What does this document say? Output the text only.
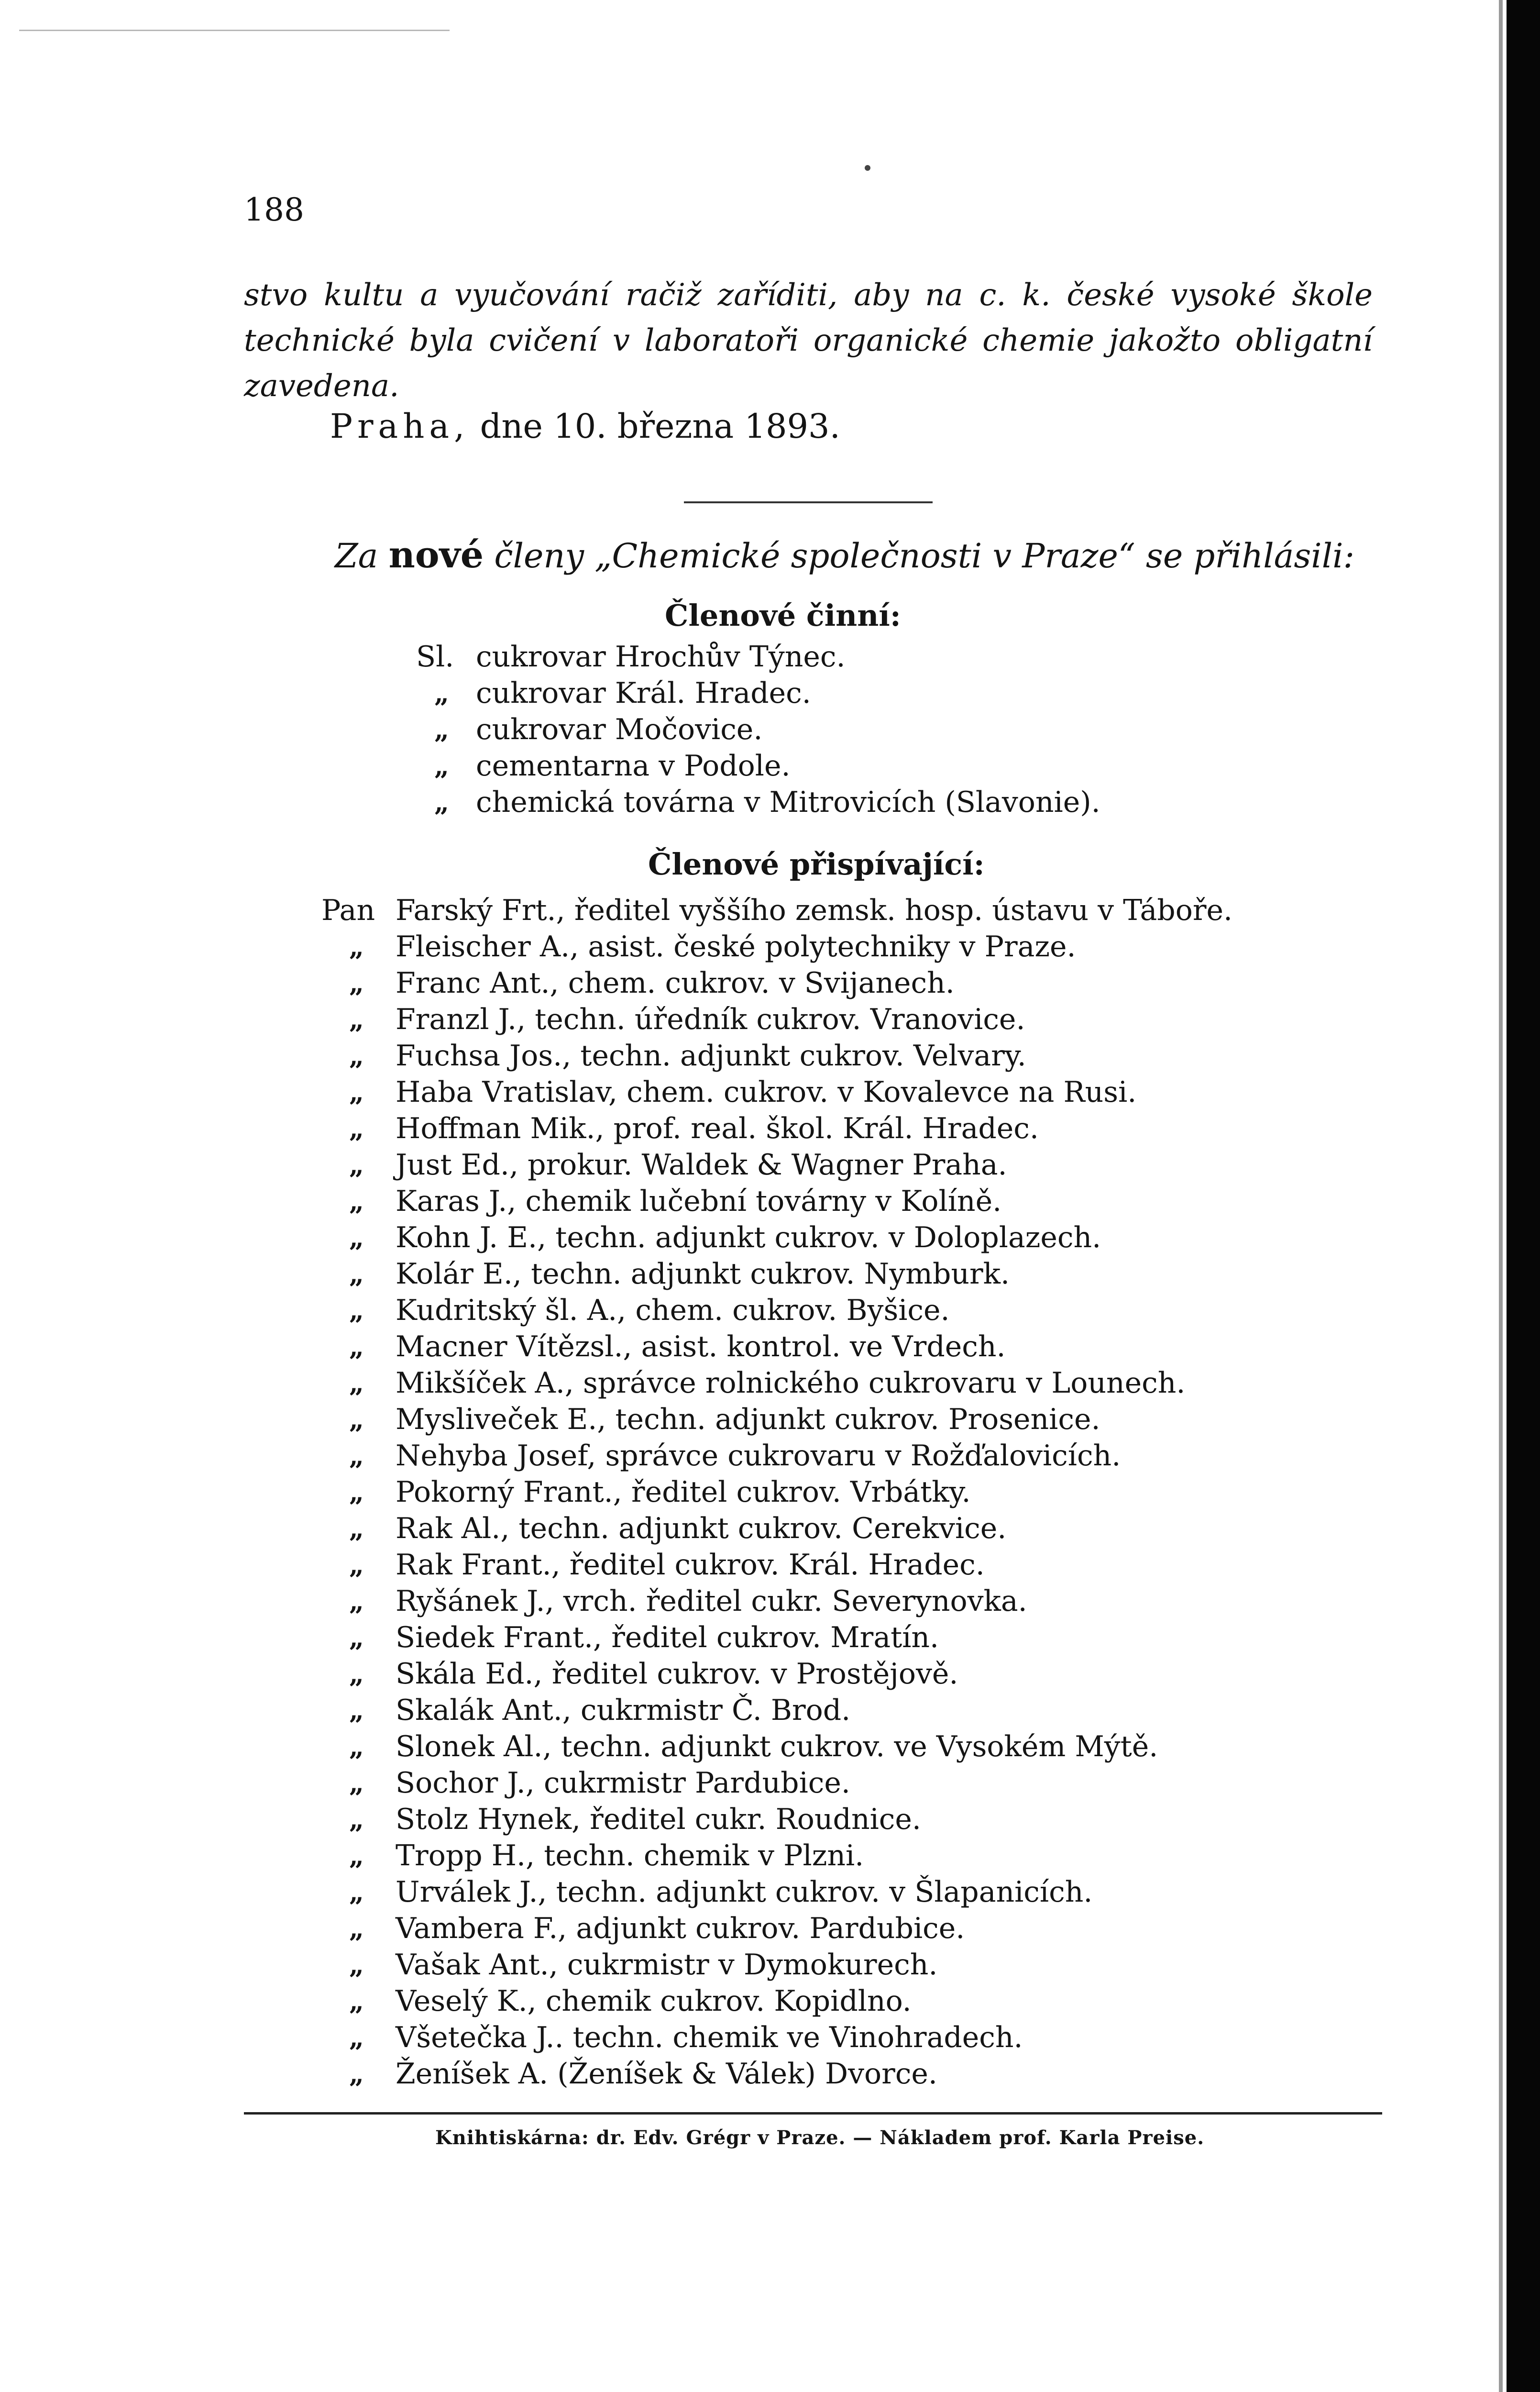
188
stvo kultu a vyučování račiž zaříditi, aby na c. k. české vysoké škole
technické byla cvičení v laboratoři organické chemie jakožto obligatní
zavedena.
Praha, dne 10. března 1893.
Za nové členy „Chemické společnosti v Praze“ se přihlásili:
Členové činní:
Sl. cukrovar Hrochův Týnec.
„ cukrovar Král. Hradec.
„ cukrovar Močovice.
„ cementarna v Podole.
„ chemická továrna v Mitrovicích (Slavonie).
Členové přispívající:
Pan Farský Frt., ředitel vyššího zemsk. hosp. ústavu v Táboře.
„ Fleischer A., asist. české polytechniky v Praze.
„ Franc Ant., chem. cukrov. v Svijanech.
„ Franzl J., techn. úředník cukrov. Vranovice.
„ Fuchsa Jos., techn. adjunkt cukrov. Velvary.
„ Haba Vratislav, chem. cukrov. v Kovalevce na Rusi.
„ Hoffman Mik., prof. real. škol. Král. Hradec.
„ Just Ed., prokur. Waldek & Wagner Praha.
„ Karas J., chemik lučební továrny v Kolíně.
„ Kohn J. E., techn. adjunkt cukrov. v Doloplazech.
„ Kolár E., techn. adjunkt cukrov. Nymburk.
„ Kudritský šl. A., chem. cukrov. Byšice.
„ Macner Vítězsl., asist. kontrol. ve Vrdech.
„ Mikšíček A., správce rolnického cukrovaru v Lounech.
„ Mysliveček E., techn. adjunkt cukrov. Prosenice.
„ Nehyba Josef, správce cukrovaru v Rožďalovicích.
„ Pokorný Frant., ředitel cukrov. Vrbátky.
„ Rak Al., techn. adjunkt cukrov. Cerekvice.
„ Rak Frant., ředitel cukrov. Král. Hradec.
„ Ryšánek J., vrch. ředitel cukr. Severynovka.
„ Siedek Frant., ředitel cukrov. Mratín.
„ Skála Ed., ředitel cukrov. v Prostějově.
„ Skalák Ant., cukrmistr Č. Brod.
„ Slonek Al., techn. adjunkt cukrov. ve Vysokém Mýtě.
„ Sochor J., cukrmistr Pardubice.
„ Stolz Hynek, ředitel cukr. Roudnice.
„ Tropp H., techn. chemik v Plzni.
„ Urválek J., techn. adjunkt cukrov. v Šlapanicích.
„ Vambera F., adjunkt cukrov. Pardubice.
„ Vašak Ant., cukrmistr v Dymokurech.
„ Veselý K., chemik cukrov. Kopidlno.
„ Všetečka J.. techn. chemik ve Vinohradech.
„ Ženíšek A. (Ženíšek & Válek) Dvorce.
Knihtiskárna: dr. Edv. Grégr v Praze. — Nákladem prof. Karla Preise.
